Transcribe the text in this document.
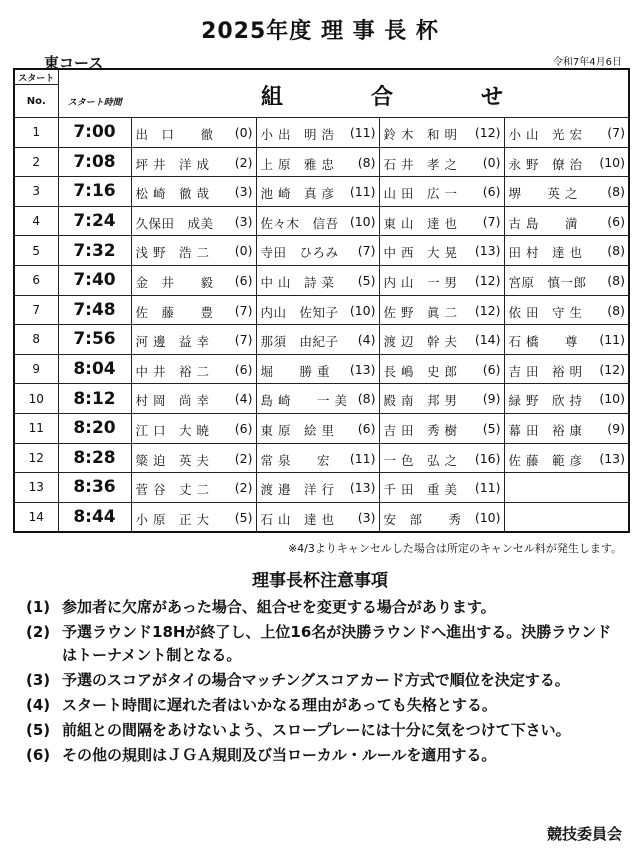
2025年度 理 事 長 杯
東コース	令和7年4月6日
スタート	スタート時間	組 合 せ			

No.					
1	7:00	出　口　　徹 (0)	小 出　明 浩 (11)	鈴 木　和 明 (12)	小 山　光 宏 (7)

2	7:08	坪 井　洋 成 (2)	上 原　雅 忠 (8)	石 井　孝 之 (0)	永 野　僚 治 (10)

3	7:16	松 崎　徹 哉 (3)	池 崎　真 彦 (11)	山 田　広 一 (6)	堺　　英 之 (8)

4	7:24	久保田　成美 (3)	佐々木　信吾 (10)	東 山　達 也 (7)	古 島　　満 (6)

5	7:32	浅 野　浩 二 (0)	寺田　ひろみ (7)	中 西　大 晃 (13)	田 村　達 也 (8)

6	7:40	金　井　　毅 (6)	中 山　詩 菜 (5)	内 山　一 男 (12)	宮原　慎一郎 (8)

7	7:48	佐　藤　　豊 (7)	内山　佐知子 (10)	佐 野　眞 二 (12)	依 田　守 生 (8)

8	7:56	河 邊　益 幸 (7)	那須　由紀子 (4)	渡 辺　幹 夫 (14)	石 橋　　尊 (11)

9	8:04	中 井　裕 二 (6)	堀　　勝 重 (13)	長 嶋　史 郎 (6)	吉 田　裕 明 (12)

10	8:12	村 岡　尚 幸 (4)	島 崎　　一 美 (8)	殿 南　邦 男 (9)	緑 野　欣 持 (10)

11	8:20	江 口　大 暁 (6)	東 原　絵 里 (6)	吉 田　秀 樹 (5)	幕 田　裕 康 (9)

12	8:28	簗 迫　英 夫 (2)	常 泉　　宏 (11)	一 色　弘 之 (16)	佐 藤　範 彦 (13)

13	8:36	菅 谷　丈 二 (2)	渡 邉　洋 行 (13)	千 田　重 美 (11)	

14	8:44	小 原　正 大 (5)	石 山　達 也 (3)	安　部　　秀 (10)	

※4/3よりキャンセルした場合は所定のキャンセル料が発生します。
理事長杯注意事項
(1) 参加者に欠席があった場合、組合せを変更する場合があります。
(2) 予選ラウンド18Hが終了し、上位16名が決勝ラウンドへ進出する。決勝ラウンドはトーナメント制となる。
(3) 予選のスコアがタイの場合マッチングスコアカード方式で順位を決定する。
(4) スタート時間に遅れた者はいかなる理由があっても失格とする。
(5) 前組との間隔をあけないよう、スロープレーには十分に気をつけて下さい。
(6) その他の規則はＪＧＡ規則及び当ローカル・ルールを適用する。
競技委員会
